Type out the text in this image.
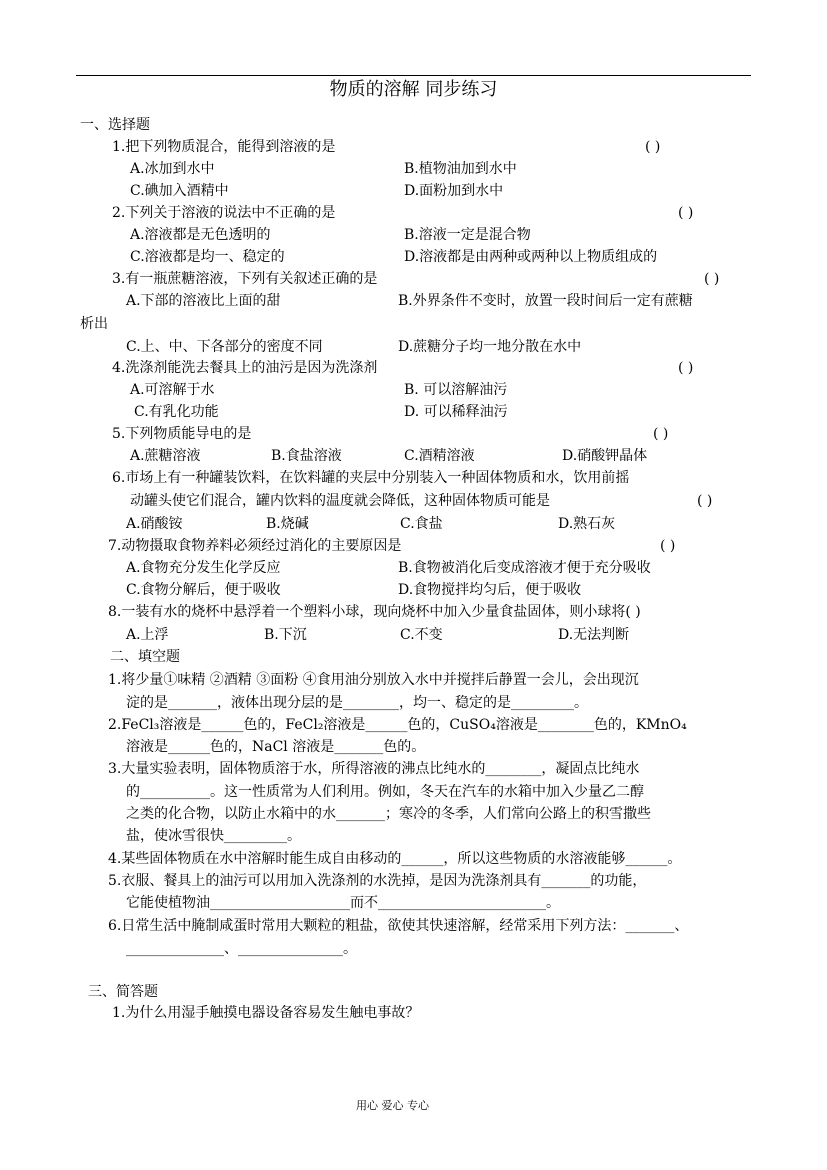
物质的溶解 同步练习
一、选择题
1.把下列物质混合，能得到溶液的是	( )
A.冰加到水中	B.植物油加到水中
C.碘加入酒精中	D.面粉加到水中
2.下列关于溶液的说法中不正确的是	( )
A.溶液都是无色透明的	B.溶液一定是混合物
C.溶液都是均一、稳定的	D.溶液都是由两种或两种以上物质组成的
3.有一瓶蔗糖溶液，下列有关叙述正确的是	( )
A.下部的溶液比上面的甜	B.外界条件不变时，放置一段时间后一定有蔗糖
析出
C.上、中、下各部分的密度不同	D.蔗糖分子均一地分散在水中
4.洗涤剂能洗去餐具上的油污是因为洗涤剂	( )
A.可溶解于水	B. 可以溶解油污
C.有乳化功能	D. 可以稀释油污
5.下列物质能导电的是	( )
A.蔗糖溶液	B.食盐溶液	C.酒精溶液	D.硝酸钾晶体
6.市场上有一种罐装饮料，在饮料罐的夹层中分别装入一种固体物质和水，饮用前摇
动罐头使它们混合，罐内饮料的温度就会降低，这种固体物质可能是	( )
A.硝酸铵	B.烧碱	C.食盐	D.熟石灰
7.动物摄取食物养料必须经过消化的主要原因是	( )
A.食物充分发生化学反应	B.食物被消化后变成溶液才便于充分吸收
C.食物分解后，便于吸收	D.食物搅拌均匀后，便于吸收
8.一装有水的烧杯中悬浮着一个塑料小球，现向烧杯中加入少量食盐固体，则小球将( )
A.上浮	B.下沉	C.不变	D.无法判断
二、填空题
1.将少量①味精 ②酒精 ③面粉 ④食用油分别放入水中并搅拌后静置一会儿，会出现沉
淀的是_______，液体出现分层的是________，均一、稳定的是_________。
2.FeCl₃溶液是______色的，FeCl₂溶液是______色的，CuSO₄溶液是________色的，KMnO₄
溶液是______色的，NaCl 溶液是_______色的。
3.大量实验表明，固体物质溶于水，所得溶液的沸点比纯水的________，凝固点比纯水
的__________。这一性质常为人们利用。例如，冬天在汽车的水箱中加入少量乙二醇
之类的化合物，以防止水箱中的水_______；寒冷的冬季，人们常向公路上的积雪撒些
盐，使冰雪很快_________。
4.某些固体物质在水中溶解时能生成自由移动的______，所以这些物质的水溶液能够______。
5.衣服、餐具上的油污可以用加入洗涤剂的水洗掉，是因为洗涤剂具有_______的功能，
它能使植物油____________________而不________________________。
6.日常生活中腌制咸蛋时常用大颗粒的粗盐，欲使其快速溶解，经常采用下列方法：_______、
______________、_______________。
三、简答题
1.为什么用湿手触摸电器设备容易发生触电事故？
用心 爱心 专心
